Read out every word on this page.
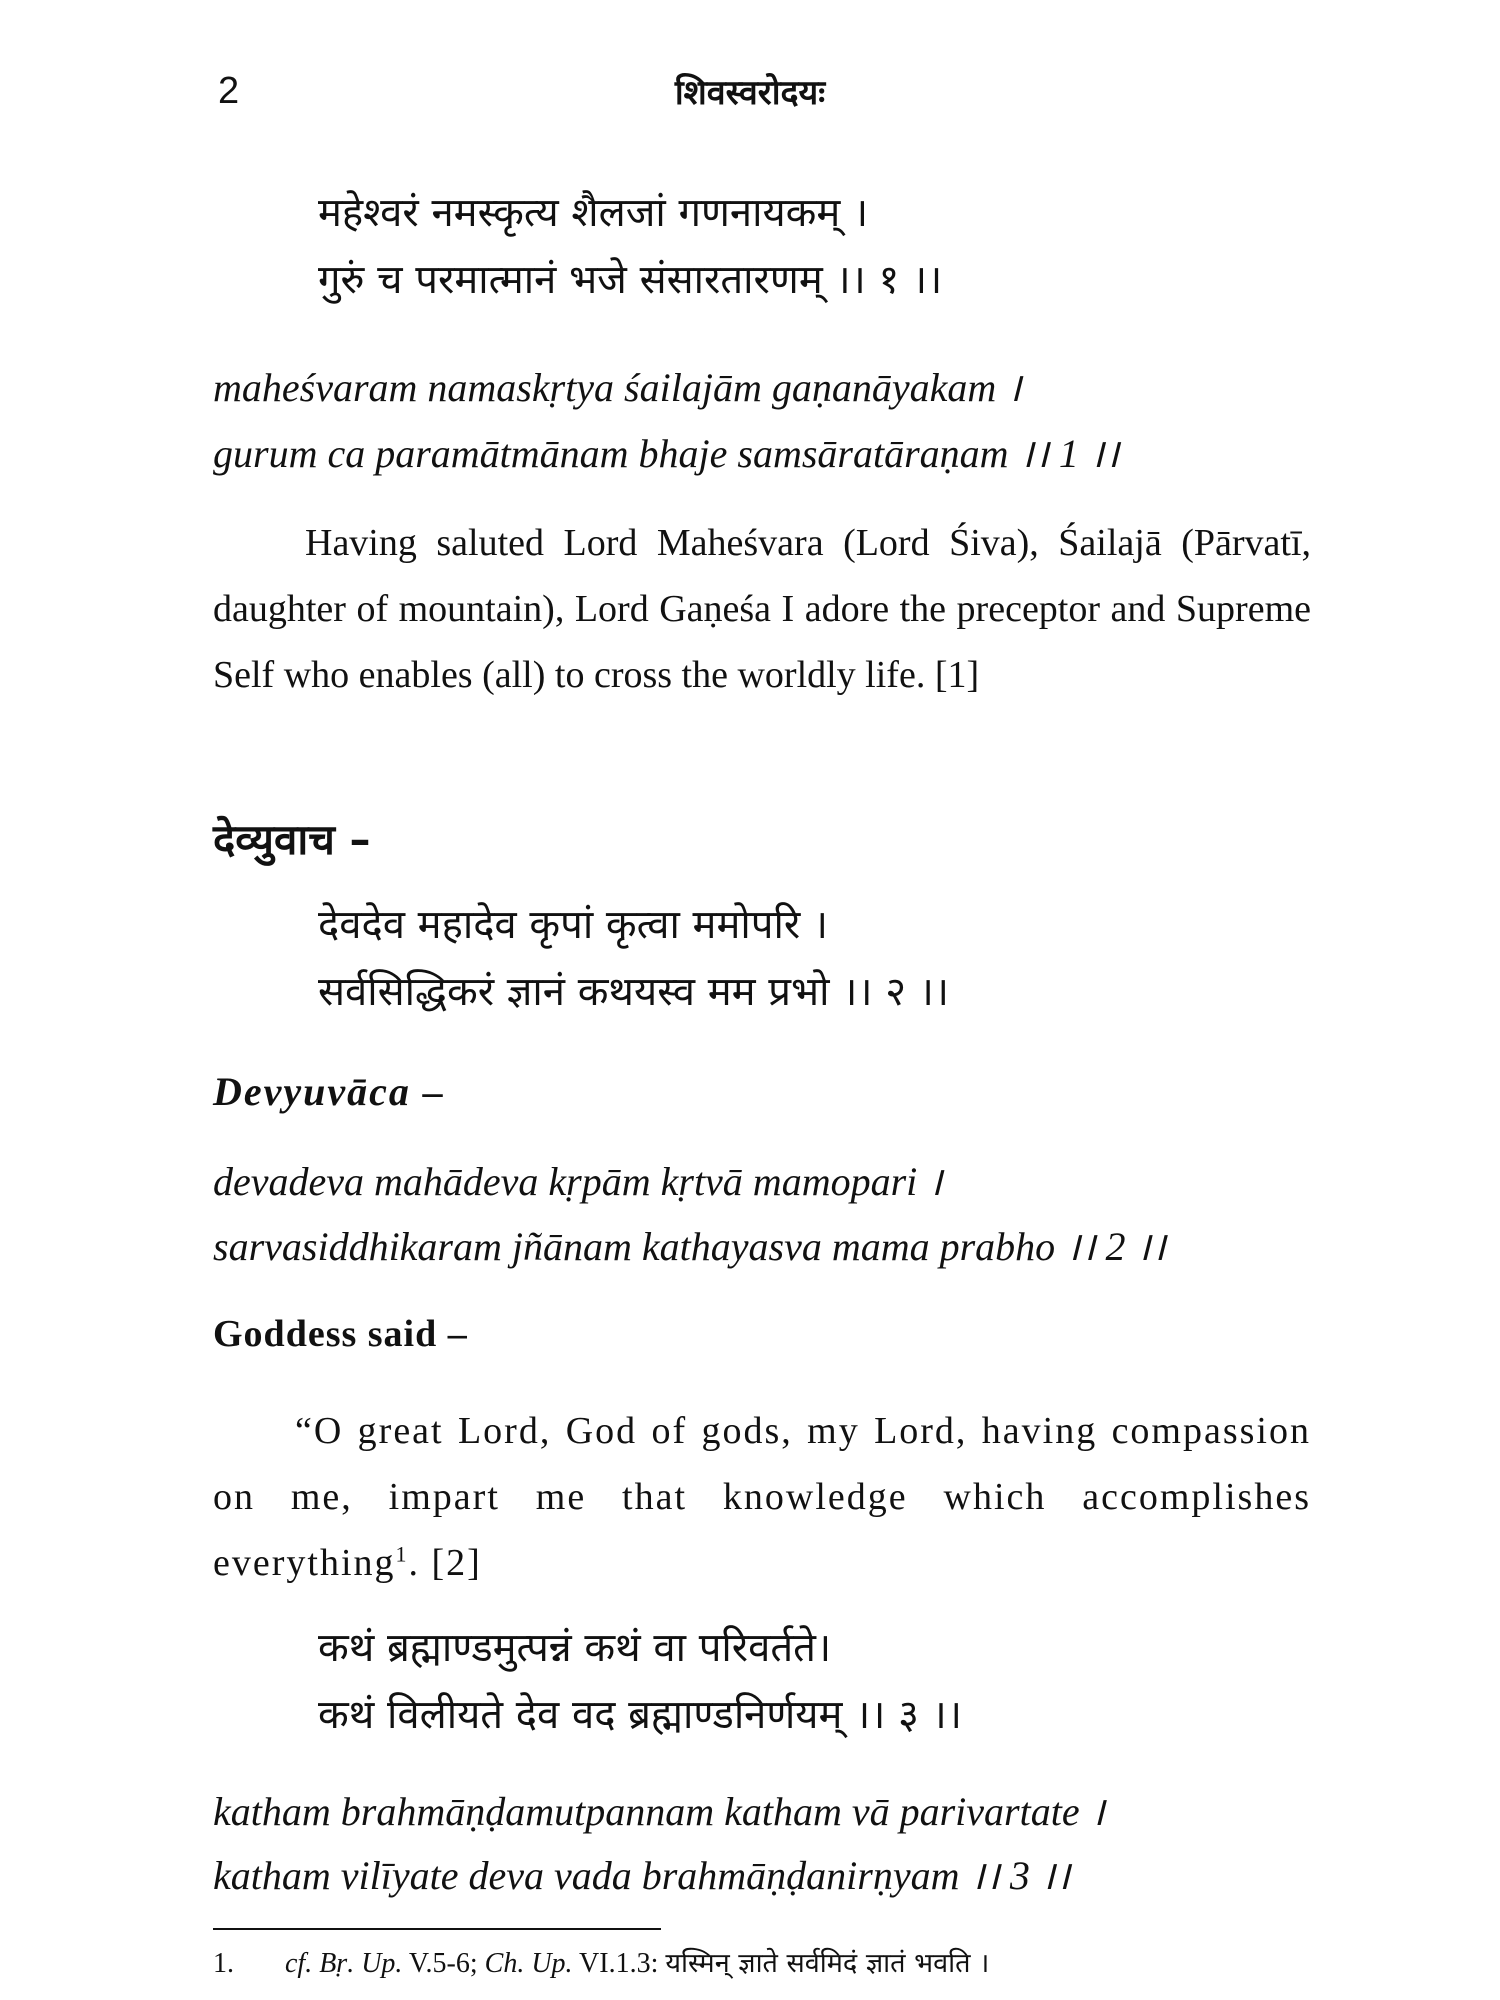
2	शिवस्वरोदयः
महेश्वरं नमस्कृत्य शैलजां गणनायकम् ।
गुरुं च परमात्मानं भजे संसारतारणम् ।। १ ।।
maheśvaram namaskṛtya śailajām gaṇanāyakam ।
gurum ca paramātmānam bhaje samsāratāraṇam ।। 1 ।।
Having saluted Lord Maheśvara (Lord Śiva), Śailajā (Pārvatī, daughter of mountain), Lord Gaṇeśa I adore the preceptor and Supreme Self who enables (all) to cross the worldly life. [1]
देव्युवाच –
देवदेव महादेव कृपां कृत्वा ममोपरि ।
सर्वसिद्धिकरं ज्ञानं कथयस्व मम प्रभो ।। २ ।।
Devyuvāca –
devadeva mahādeva kṛpām kṛtvā mamopari ।
sarvasiddhikaram jñānam kathayasva mama prabho ।। 2 ।।
Goddess said –
“O great Lord, God of gods, my Lord, having compassion on me, impart me that knowledge which accomplishes everything$^1$. [2]
कथं ब्रह्माण्डमुत्पन्नं कथं वा परिवर्तते।
कथं विलीयते देव वद ब्रह्माण्डनिर्णयम् ।। ३ ।।
katham brahmāṇḍamutpannam katham vā parivartate ।
katham vilīyate deva vada brahmāṇḍanirṇyam ।। 3 ।।
1. cf. Bṛ. Up. V.5-6; Ch. Up. VI.1.3: यस्मिन् ज्ञाते सर्वमिदं ज्ञातं भवति ।
